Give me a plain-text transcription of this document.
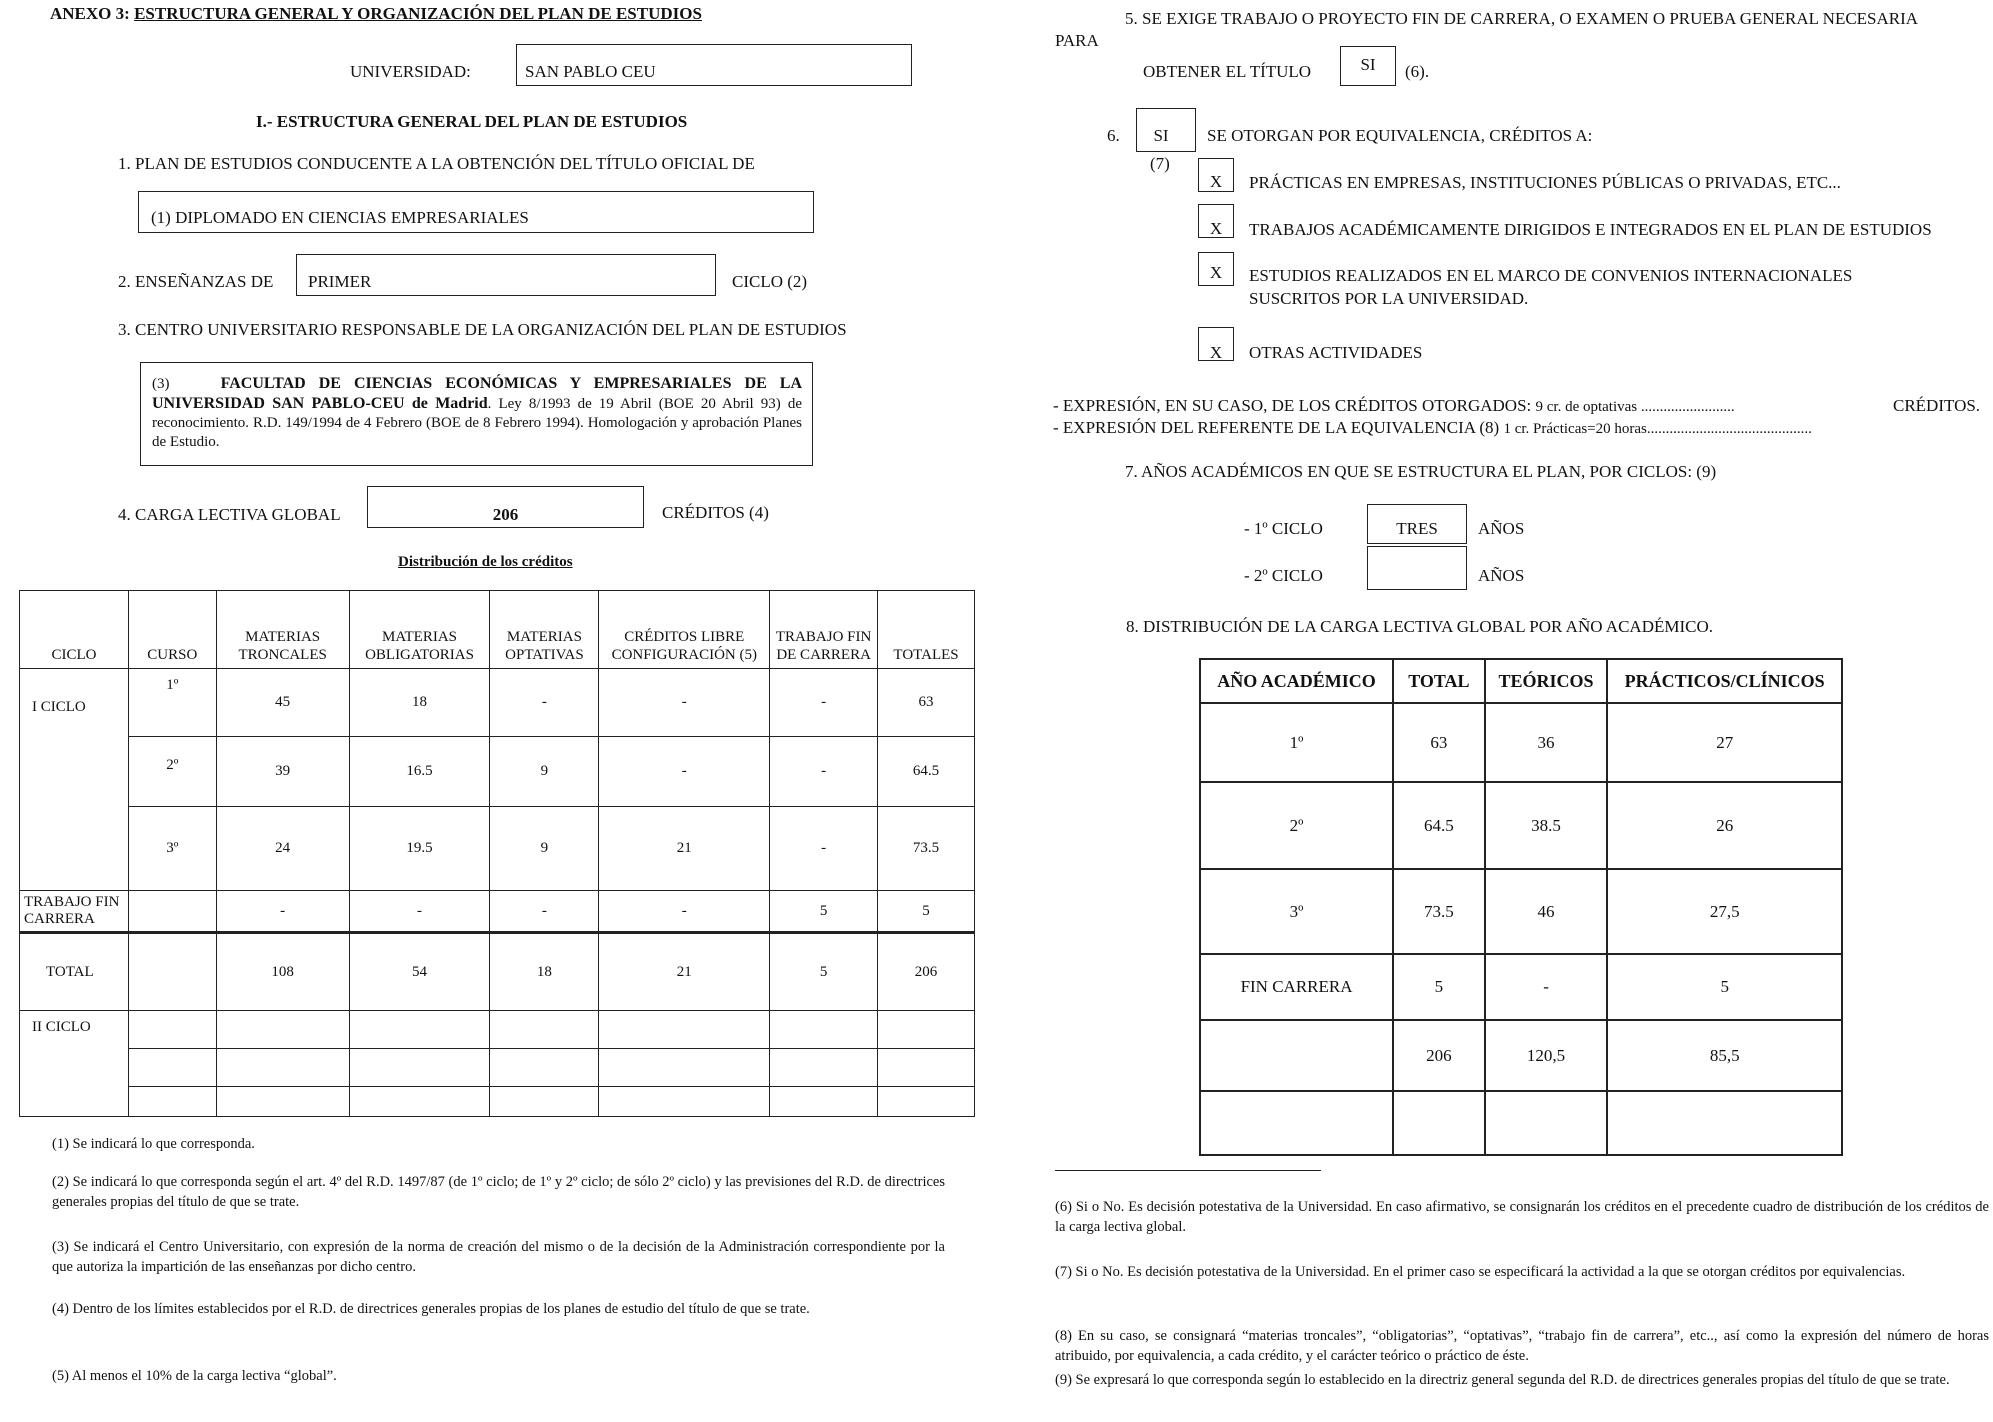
ANEXO 3: ESTRUCTURA GENERAL Y ORGANIZACIÓN DEL PLAN DE ESTUDIOS
UNIVERSIDAD:	SAN PABLO CEU
I.- ESTRUCTURA GENERAL DEL PLAN DE ESTUDIOS
1. PLAN DE ESTUDIOS CONDUCENTE A LA OBTENCIÓN DEL TÍTULO OFICIAL DE
(1) DIPLOMADO EN CIENCIAS EMPRESARIALES
2. ENSEÑANZAS DE PRIMER	CICLO (2)
3. CENTRO UNIVERSITARIO RESPONSABLE DE LA ORGANIZACIÓN DEL PLAN DE ESTUDIOS
(3)	FACULTAD DE CIENCIAS ECONÓMICAS Y EMPRESARIALES DE LA UNIVERSIDAD SAN PABLO-CEU de Madrid. Ley 8/1993 de 19 Abril (BOE 20 Abril 93) de reconocimiento. R.D. 149/1994 de 4 Febrero (BOE de 8 Febrero 1994). Homologación y aprobación Planes de Estudio.
4. CARGA LECTIVA GLOBAL	206	CRÉDITOS (4)
Distribución de los créditos
CICLO	CURSO	MATERIAS TRONCALES	MATERIAS OBLIGATORIAS	MATERIAS OPTATIVAS	CRÉDITOS LIBRE CONFIGURACIÓN (5)	TRABAJO FIN DE CARRERA	TOTALES
I CICLO	1º	45	18	-	-	-	63
	2º	39	16.5	9	-	-	64.5
	3º	24	19.5	9	21	-	73.5
TRABAJO FIN CARRERA		-	-	-	-	5	5
TOTAL		108	54	18	21	5	206
II CICLO							

(1) Se indicará lo que corresponda.
(2) Se indicará lo que corresponda según el art. 4º del R.D. 1497/87 (de 1º ciclo; de 1º y 2º ciclo; de sólo 2º ciclo) y las previsiones del R.D. de directrices generales propias del título de que se trate.
(3) Se indicará el Centro Universitario, con expresión de la norma de creación del mismo o de la decisión de la Administración correspondiente por la que autoriza la impartición de las enseñanzas por dicho centro.
(4) Dentro de los límites establecidos por el R.D. de directrices generales propias de los planes de estudio del título de que se trate.
(5) Al menos el 10% de la carga lectiva “global”.
5. SE EXIGE TRABAJO O PROYECTO FIN DE CARRERA, O EXAMEN O PRUEBA GENERAL NECESARIA
PARA
OBTENER EL TÍTULO	SI	(6).
6.	SI
(7)
SE OTORGAN POR EQUIVALENCIA, CRÉDITOS A:
X	PRÁCTICAS EN EMPRESAS, INSTITUCIONES PÚBLICAS O PRIVADAS, ETC...
X	TRABAJOS ACADÉMICAMENTE DIRIGIDOS E INTEGRADOS EN EL PLAN DE ESTUDIOS
X	ESTUDIOS REALIZADOS EN EL MARCO DE CONVENIOS INTERNACIONALES
SUSCRITOS POR LA UNIVERSIDAD.
X	OTRAS ACTIVIDADES
- EXPRESIÓN, EN SU CASO, DE LOS CRÉDITOS OTORGADOS: 9 cr. de optativas .........................	CRÉDITOS.
- EXPRESIÓN DEL REFERENTE DE LA EQUIVALENCIA (8) 1 cr. Prácticas=20 horas............................................
7. AÑOS ACADÉMICOS EN QUE SE ESTRUCTURA EL PLAN, POR CICLOS: (9)
- 1º CICLO	TRES	AÑOS
- 2º CICLO	AÑOS
8. DISTRIBUCIÓN DE LA CARGA LECTIVA GLOBAL POR AÑO ACADÉMICO.
AÑO ACADÉMICO	TOTAL	TEÓRICOS	PRÁCTICOS/CLÍNICOS
1º	63	36	27
2º	64.5	38.5	26
3º	73.5	46	27,5
FIN CARRERA	5	-	5
	206	120,5	85,5

(6) Si o No. Es decisión potestativa de la Universidad. En caso afirmativo, se consignarán los créditos en el precedente cuadro de distribución de los créditos de la carga lectiva global.
(7) Si o No. Es decisión potestativa de la Universidad. En el primer caso se especificará la actividad a la que se otorgan créditos por equivalencias.
(8) En su caso, se consignará “materias troncales”, “obligatorias”, “optativas”, “trabajo fin de carrera”, etc.., así como la expresión del número de horas atribuido, por equivalencia, a cada crédito, y el carácter teórico o práctico de éste.
(9) Se expresará lo que corresponda según lo establecido en la directriz general segunda del R.D. de directrices generales propias del título de que se trate.
